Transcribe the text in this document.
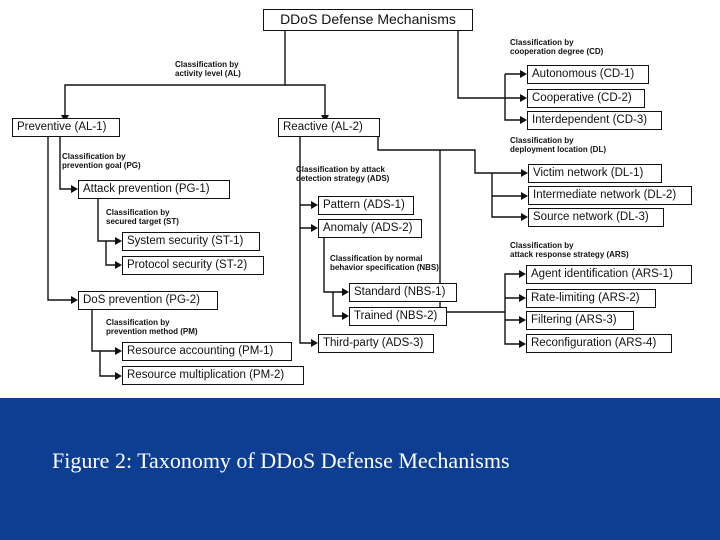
DDoS Defense Mechanisms
Classification by
activity level (AL)
Classification by
cooperation degree (CD)
Classification by
prevention goal (PG)	Classification by attack
detection strategy (ADS)
Classification by
deployment location (DL)
Classification by
secured target (ST)
Classification by normal
behavior specification (NBS)
Classification by
attack response strategy (ARS)
Classification by
prevention method (PM)
Preventive (AL-1)	Reactive (AL-2)
Autonomous (CD-1)
Cooperative (CD-2)
Interdependent (CD-3)
Attack prevention (PG-1)
DoS prevention (PG-2)
System security (ST-1)
Protocol security (ST-2)
Resource accounting (PM-1)
Resource multiplication (PM-2)
Pattern (ADS-1)
Anomaly (ADS-2)
Third-party (ADS-3)
Standard (NBS-1)
Trained (NBS-2)
Victim network (DL-1)
Intermediate network (DL-2)
Source network (DL-3)
Agent identification (ARS-1)
Rate-limiting (ARS-2)
Filtering (ARS-3)
Reconfiguration (ARS-4)
Figure 2: Taxonomy of DDoS Defense Mechanisms
